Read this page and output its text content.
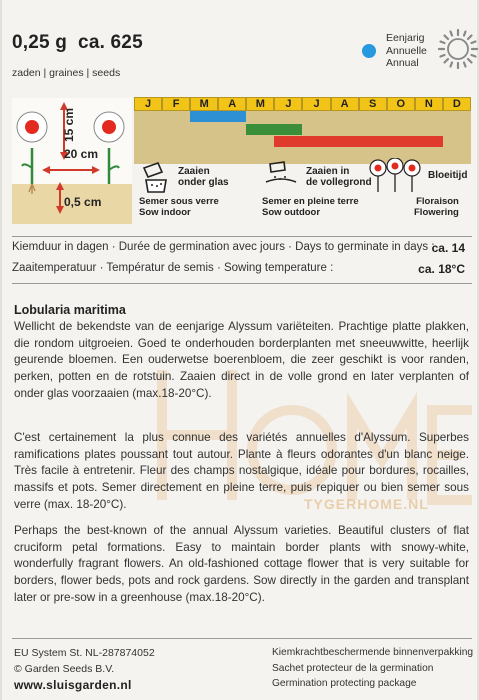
0,25 g ca. 625
zaden | graines | seeds
Eenjarig
Annuelle
Annual
15 cm
20 cm
0,5 cm
J	F	M	A	M	J	J	A	S	O	N	D
Zaaien
onder glas
Semer sous verre
Sow indoor
Zaaien in
de vollegrond
Semer en pleine terre
Sow outdoor
Bloeitijd
Floraison
Flowering
Kiemduur in dagen · Durée de germination avec jours · Days to germinate in days :
ca. 14
Zaaitemperatuur · Températur de semis · Sowing temperature :	ca. 18°C
TYGERHOME.NL
Lobularia maritima
Wellicht de bekendste van de eenjarige Alyssum variëteiten. Prachtige platte plakken, die rondom uitgroeien. Goed te onderhouden borderplanten met sneeuwwitte, heerlijk geurende bloemen. Een ouderwetse boerenbloem, die zeer geschikt is voor randen, perken, potten en de rotstuin. Zaaien direct in de volle grond en later verplanten of onder glas voorzaaien (max.18-20°C).
C'est certainement la plus connue des variétés annuelles d'Alyssum. Superbes ramifications plates poussant tout autour. Plante à fleurs odorantes d'un blanc neige. Très facile à entretenir. Fleur des champs nostalgique, idéale pour bordures, rocailles, massifs et pots. Semer directement en pleine terre, puis repiquer ou bien semer sous verre (max. 18-20°C).
Perhaps the best-known of the annual Alyssum varieties. Beautiful clusters of flat cruciform petal formations. Easy to maintain border plants with snowy-white, wonderfully fragrant flowers. An old-fashioned cottage flower that is very suitable for borders, flower beds, pots and rock gardens. Sow directly in the garden and transplant later or pre-sow in a greenhouse (max.18-20°C).
EU System St. NL-287874052
© Garden Seeds B.V.
www.sluisgarden.nl
Kiemkrachtbeschermende binnenverpakking
Sachet protecteur de la germination
Germination protecting package
